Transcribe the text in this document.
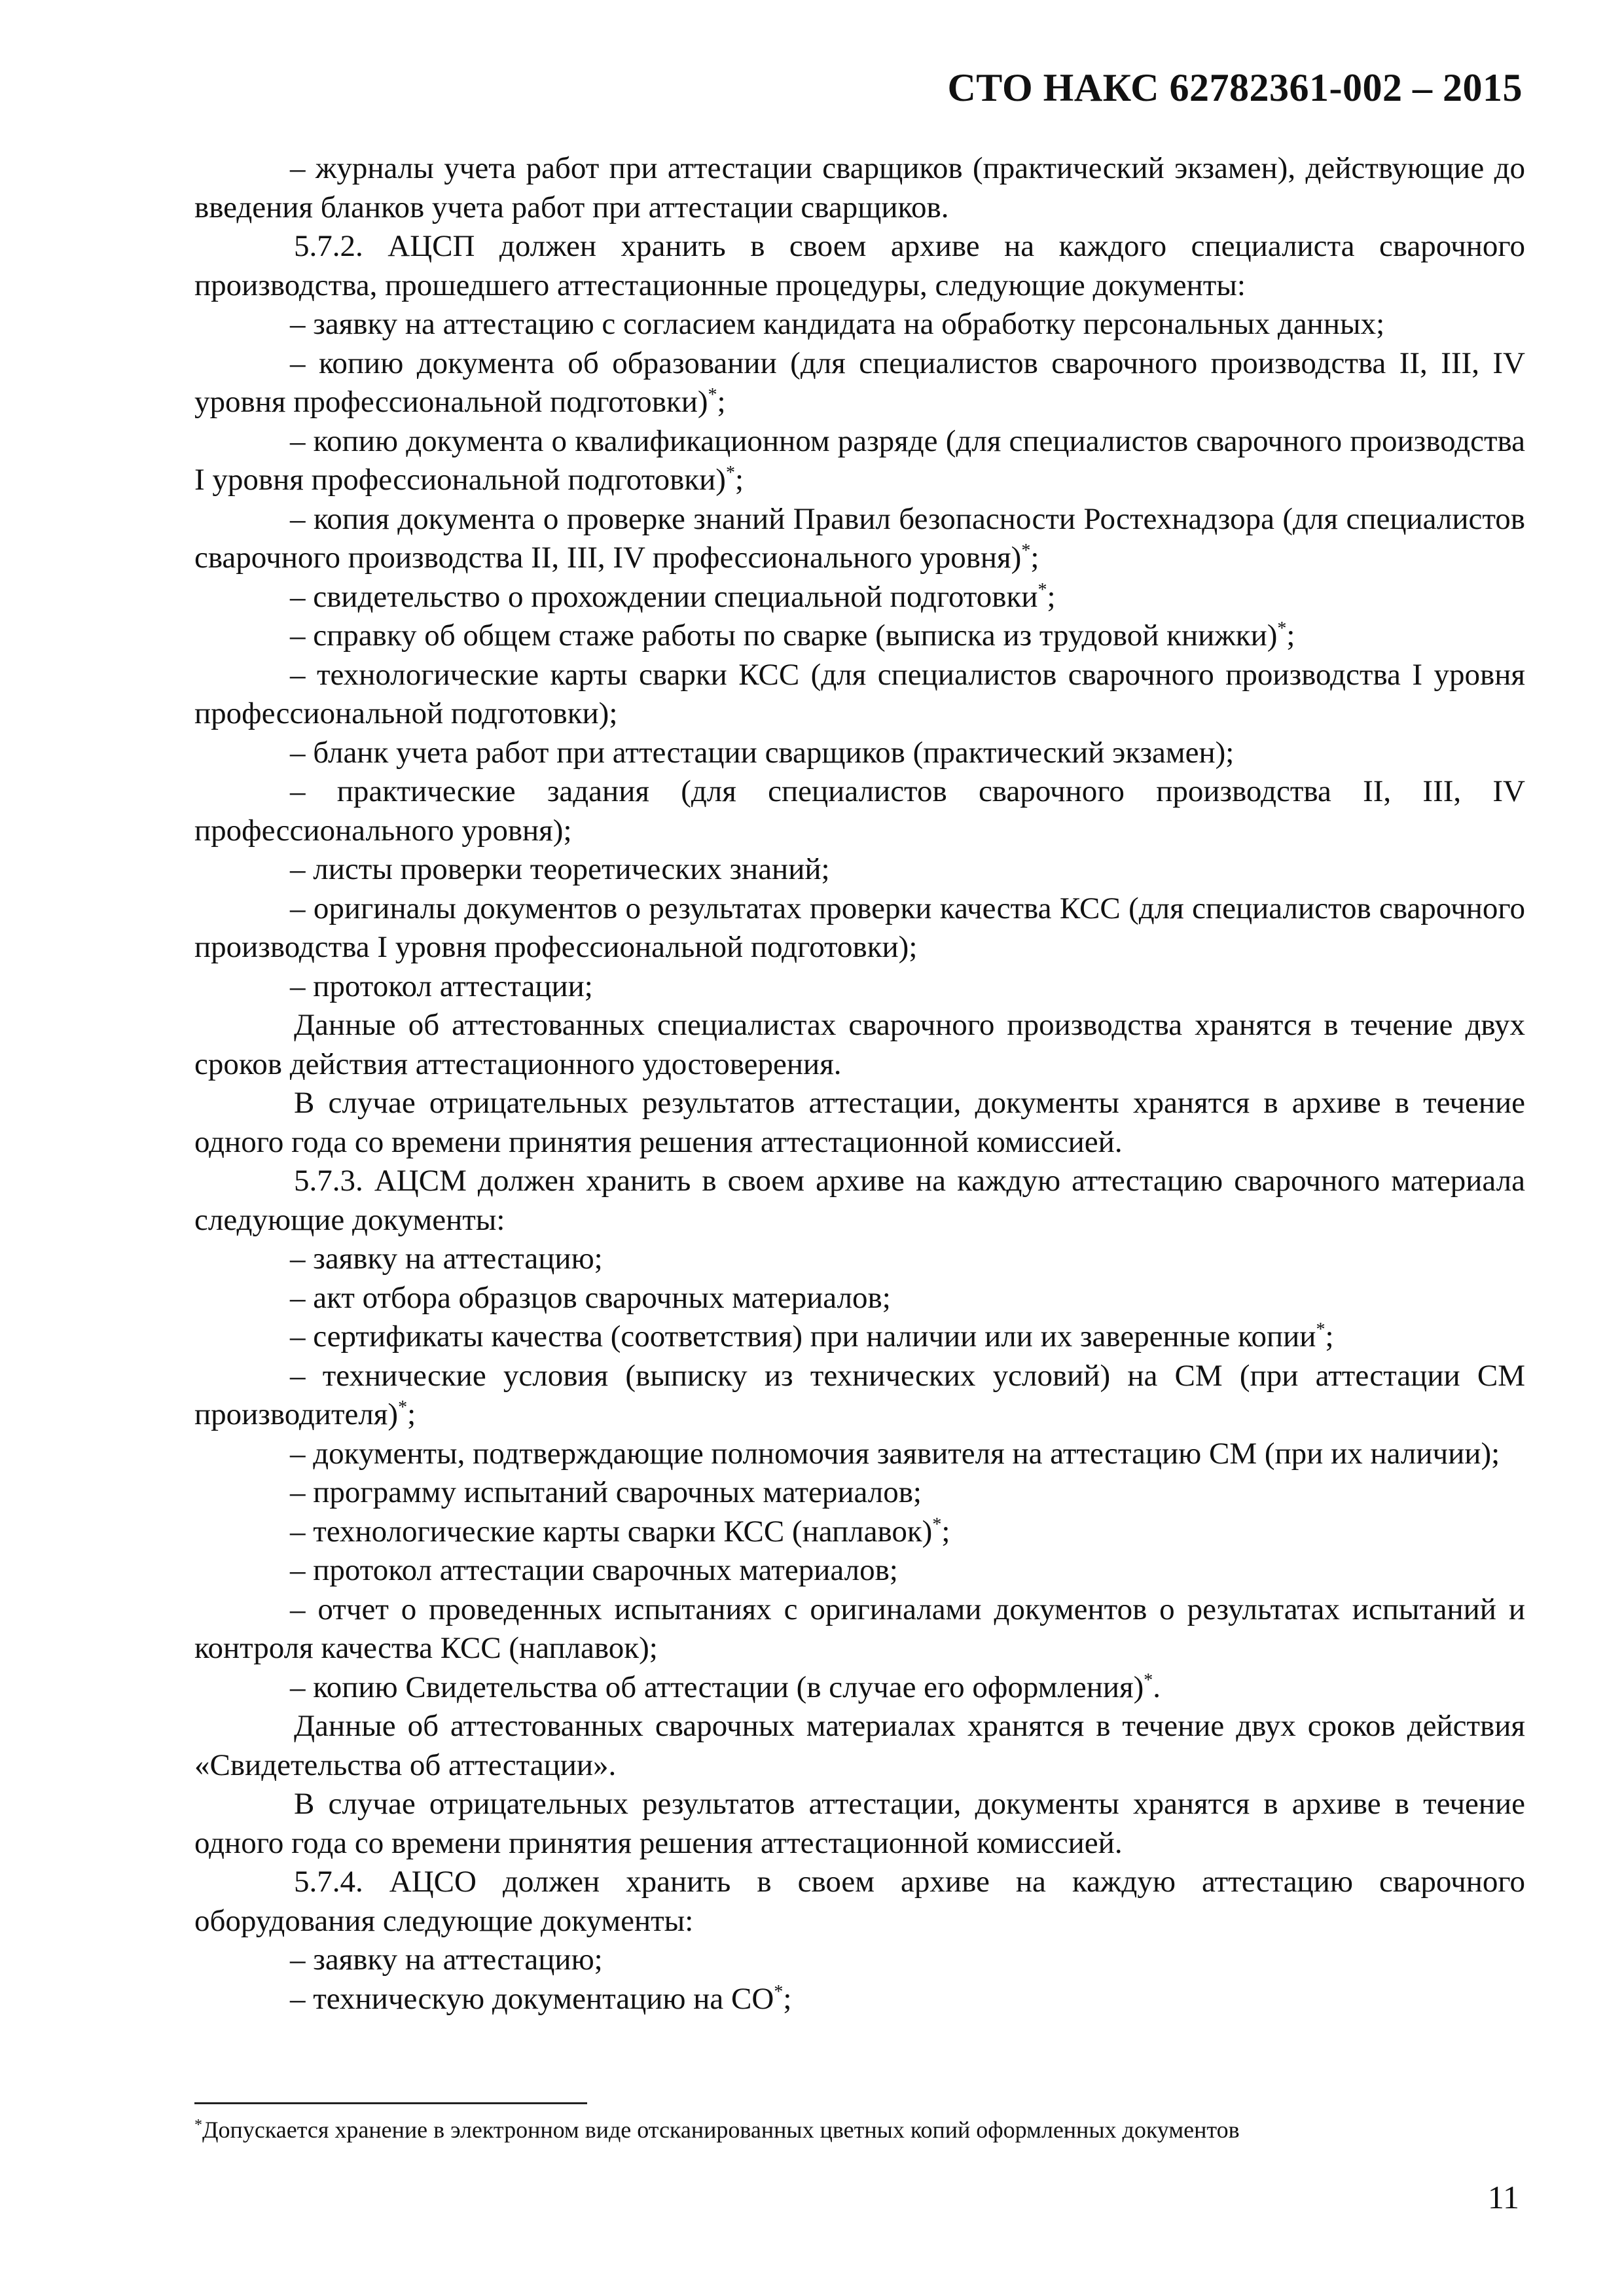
СТО НАКС 62782361-002 – 2015

– журналы учета работ при аттестации сварщиков (практический экзамен), действующие до введения бланков учета работ при аттестации сварщиков.

5.7.2. АЦСП должен хранить в своем архиве на каждого специалиста сварочного производства, прошедшего аттестационные процедуры, следующие документы:

– заявку на аттестацию с согласием кандидата на обработку персональных данных;

– копию документа об образовании (для специалистов сварочного производства II, III, IV уровня профессиональной подготовки)*;

– копию документа о квалификационном разряде (для специалистов сварочного производства I уровня профессиональной подготовки)*;

– копия документа о проверке знаний Правил безопасности Ростехнадзора (для специалистов сварочного производства II, III, IV профессионального уровня)*;

– свидетельство о прохождении специальной подготовки*;

– справку об общем стаже работы по сварке (выписка из трудовой книжки)*;

– технологические карты сварки КСС (для специалистов сварочного производства I уровня профессиональной подготовки);

– бланк учета работ при аттестации сварщиков (практический экзамен);

– практические задания (для специалистов сварочного производства II, III, IV профессионального уровня);

– листы проверки теоретических знаний;

– оригиналы документов о результатах проверки качества КСС (для специалистов сварочного производства I уровня профессиональной подготовки);

– протокол аттестации;

Данные об аттестованных специалистах сварочного производства хранятся в течение двух сроков действия аттестационного удостоверения.

В случае отрицательных результатов аттестации, документы хранятся в архиве в течение одного года со времени принятия решения аттестационной комиссией.

5.7.3. АЦСМ должен хранить в своем архиве на каждую аттестацию сварочного материала следующие документы:

– заявку на аттестацию;

– акт отбора образцов сварочных материалов;

– сертификаты качества (соответствия) при наличии или их заверенные копии*;

– технические условия (выписку из технических условий) на СМ (при аттестации СМ производителя)*;

– документы, подтверждающие полномочия заявителя на аттестацию СМ (при их наличии);

– программу испытаний сварочных материалов;

– технологические карты сварки КСС (наплавок)*;

– протокол аттестации сварочных материалов;

– отчет о проведенных испытаниях с оригиналами документов о результатах испытаний и контроля качества КСС (наплавок);

– копию Свидетельства об аттестации (в случае его оформления)*.

Данные об аттестованных сварочных материалах хранятся в течение двух сроков действия «Свидетельства об аттестации».

В случае отрицательных результатов аттестации, документы хранятся в архиве в течение одного года со времени принятия решения аттестационной комиссией.

5.7.4. АЦСО должен хранить в своем архиве на каждую аттестацию сварочного оборудования следующие документы:

– заявку на аттестацию;

– техническую документацию на СО*;

*Допускается хранение в электронном виде отсканированных цветных копий оформленных документов
11
